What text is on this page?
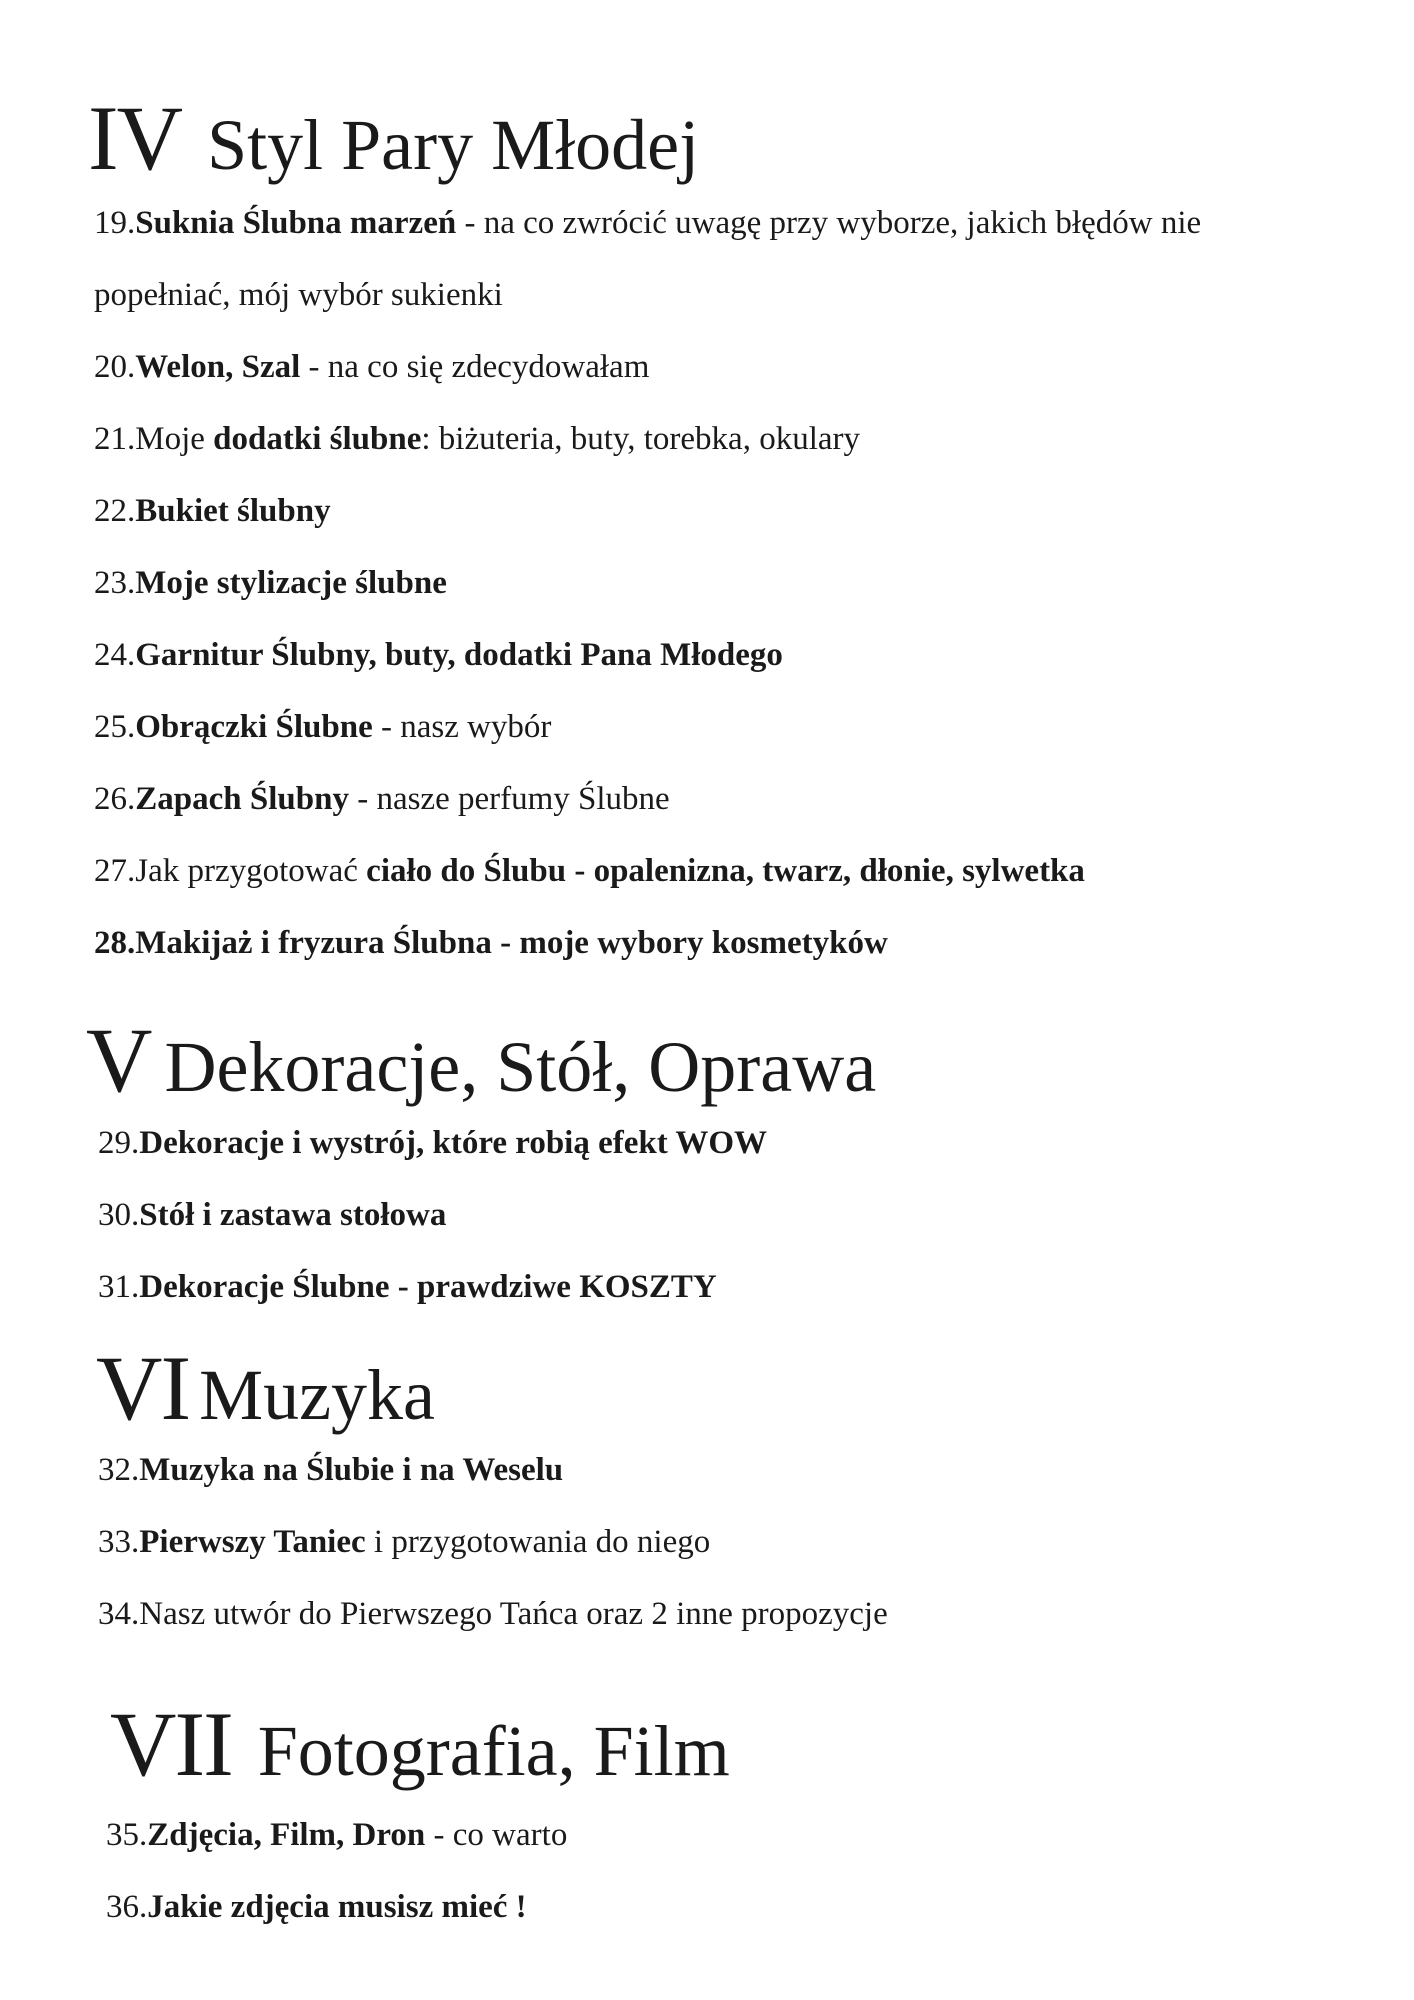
IV Styl Pary Młodej

19.Suknia Ślubna marzeń - na co zwrócić uwagę przy wyborze, jakich błędów nie

popełniać, mój wybór sukienki

20.Welon, Szal - na co się zdecydowałam

21.Moje dodatki ślubne: biżuteria, buty, torebka, okulary

22.Bukiet ślubny

23.Moje stylizacje ślubne

24.Garnitur Ślubny, buty, dodatki Pana Młodego

25.Obrączki Ślubne - nasz wybór

26.Zapach Ślubny - nasze perfumy Ślubne

27.Jak przygotować ciało do Ślubu - opalenizna, twarz, dłonie, sylwetka

28.Makijaż i fryzura Ślubna - moje wybory kosmetyków

V Dekoracje, Stół, Oprawa

29.Dekoracje i wystrój, które robią efekt WOW

30.Stół i zastawa stołowa

31.Dekoracje Ślubne - prawdziwe KOSZTY

VI Muzyka

32.Muzyka na Ślubie i na Weselu

33.Pierwszy Taniec i przygotowania do niego

34.Nasz utwór do Pierwszego Tańca oraz 2 inne propozycje

VII Fotografia, Film

35.Zdjęcia, Film, Dron - co warto

36.Jakie zdjęcia musisz mieć !
